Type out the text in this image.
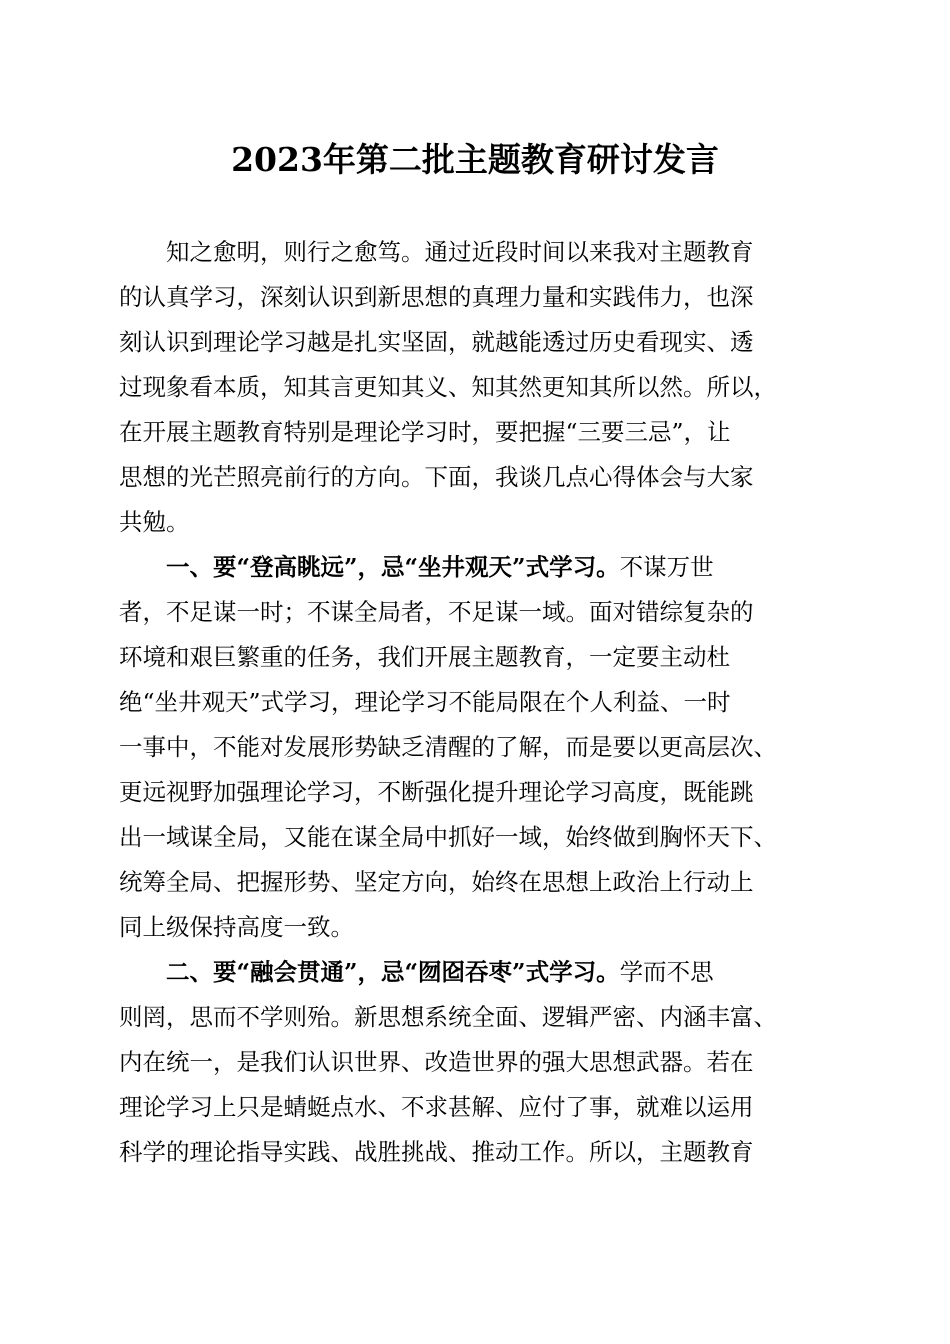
2023年第二批主题教育研讨发言

知之愈明，则行之愈笃。通过近段时间以来我对主题教育
的认真学习，深刻认识到新思想的真理力量和实践伟力，也深
刻认识到理论学习越是扎实坚固，就越能透过历史看现实、透
过现象看本质，知其言更知其义、知其然更知其所以然。所以，
在开展主题教育特别是理论学习时，要把握“三要三忌”，让
思想的光芒照亮前行的方向。下面，我谈几点心得体会与大家
共勉。

一、要“登高眺远”，忌“坐井观天”式学习。不谋万世
者，不足谋一时；不谋全局者，不足谋一域。面对错综复杂的
环境和艰巨繁重的任务，我们开展主题教育，一定要主动杜
绝“坐井观天”式学习，理论学习不能局限在个人利益、一时
一事中，不能对发展形势缺乏清醒的了解，而是要以更高层次、
更远视野加强理论学习，不断强化提升理论学习高度，既能跳
出一域谋全局，又能在谋全局中抓好一域，始终做到胸怀天下、
统筹全局、把握形势、坚定方向，始终在思想上政治上行动上
同上级保持高度一致。

二、要“融会贯通”，忌“囫囵吞枣”式学习。学而不思
则罔，思而不学则殆。新思想系统全面、逻辑严密、内涵丰富、
内在统一，是我们认识世界、改造世界的强大思想武器。若在
理论学习上只是蜻蜓点水、不求甚解、应付了事，就难以运用
科学的理论指导实践、战胜挑战、推动工作。所以，主题教育
